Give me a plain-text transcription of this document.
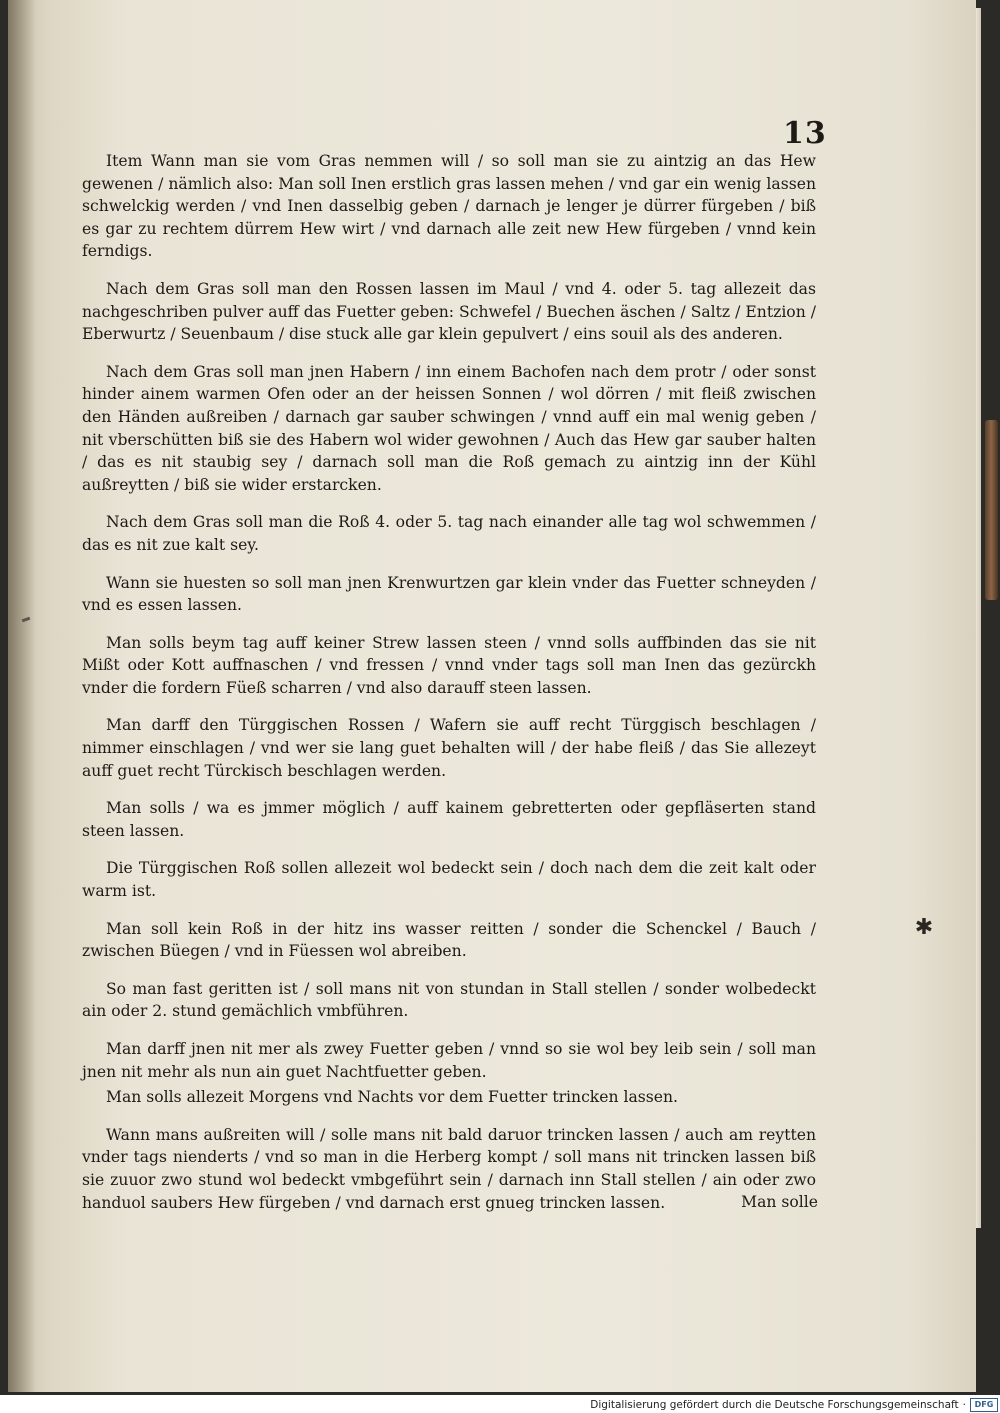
13

Item Wann man sie vom Gras nemmen will / so soll man sie zu aintzig an das Hew gewenen / nämlich also: Man soll Inen erstlich gras lassen mehen / vnd gar ein wenig lassen schwelckig werden / vnd Inen dasselbig geben / darnach je lenger je dürrer fürgeben / biß es gar zu rechtem dürrem Hew wirt / vnd darnach alle zeit new Hew fürgeben / vnnd kein ferndigs.

Nach dem Gras soll man den Rossen lassen im Maul / vnd 4. oder 5. tag allezeit das nachgeschriben pulver auff das Fuetter geben: Schwefel / Buechen äschen / Saltz / Entzion / Eberwurtz / Seuenbaum / dise stuck alle gar klein gepulvert / eins souil als des anderen.

Nach dem Gras soll man jnen Habern / inn einem Bachofen nach dem protr / oder sonst hinder ainem warmen Ofen oder an der heissen Sonnen / wol dörren / mit fleiß zwischen den Händen außreiben / darnach gar sauber schwingen / vnnd auff ein mal wenig geben / nit vberschütten biß sie des Habern wol wider gewohnen / Auch das Hew gar sauber halten / das es nit staubig sey / darnach soll man die Roß gemach zu aintzig inn der Kühl außreytten / biß sie wider erstarcken.

Nach dem Gras soll man die Roß 4. oder 5. tag nach einander alle tag wol schwemmen / das es nit zue kalt sey.

Wann sie huesten so soll man jnen Krenwurtzen gar klein vnder das Fuetter schneyden / vnd es essen lassen.

Man solls beym tag auff keiner Strew lassen steen / vnnd solls auffbinden das sie nit Mißt oder Kott auffnaschen / vnd fressen / vnnd vnder tags soll man Inen das gezürckh vnder die fordern Füeß scharren / vnd also darauff steen lassen.

Man darff den Türggischen Rossen / Wafern sie auff recht Türggisch beschlagen / nimmer einschlagen / vnd wer sie lang guet behalten will / der habe fleiß / das Sie allezeyt auff guet recht Türckisch beschlagen werden.

Man solls / wa es jmmer möglich / auff kainem gebretterten oder gepfläserten stand steen lassen.

Die Türggischen Roß sollen allezeit wol bedeckt sein / doch nach dem die zeit kalt oder warm ist.

Man soll kein Roß in der hitz ins wasser reitten / sonder die Schenckel / Bauch / zwischen Büegen / vnd in Füessen wol abreiben.

So man fast geritten ist / soll mans nit von stundan in Stall stellen / sonder wolbedeckt ain oder 2. stund gemächlich vmbführen.

Man darff jnen nit mer als zwey Fuetter geben / vnnd so sie wol bey leib sein / soll man jnen nit mehr als nun ain guet Nachtfuetter geben.

Man solls allezeit Morgens vnd Nachts vor dem Fuetter trincken lassen.

Wann mans außreiten will / solle mans nit bald daruor trincken lassen / auch am reytten vnder tags nienderts / vnd so man in die Herberg kompt / soll mans nit trincken lassen biß sie zuuor zwo stund wol bedeckt vmbgeführt sein / darnach inn Stall stellen / ain oder zwo handuol saubers Hew fürgeben / vnd darnach erst gnueg trincken lassen.	Man solle
✱
Digitalisierung gefördert durch die Deutsche Forschungsgemeinschaft ·	DFG
